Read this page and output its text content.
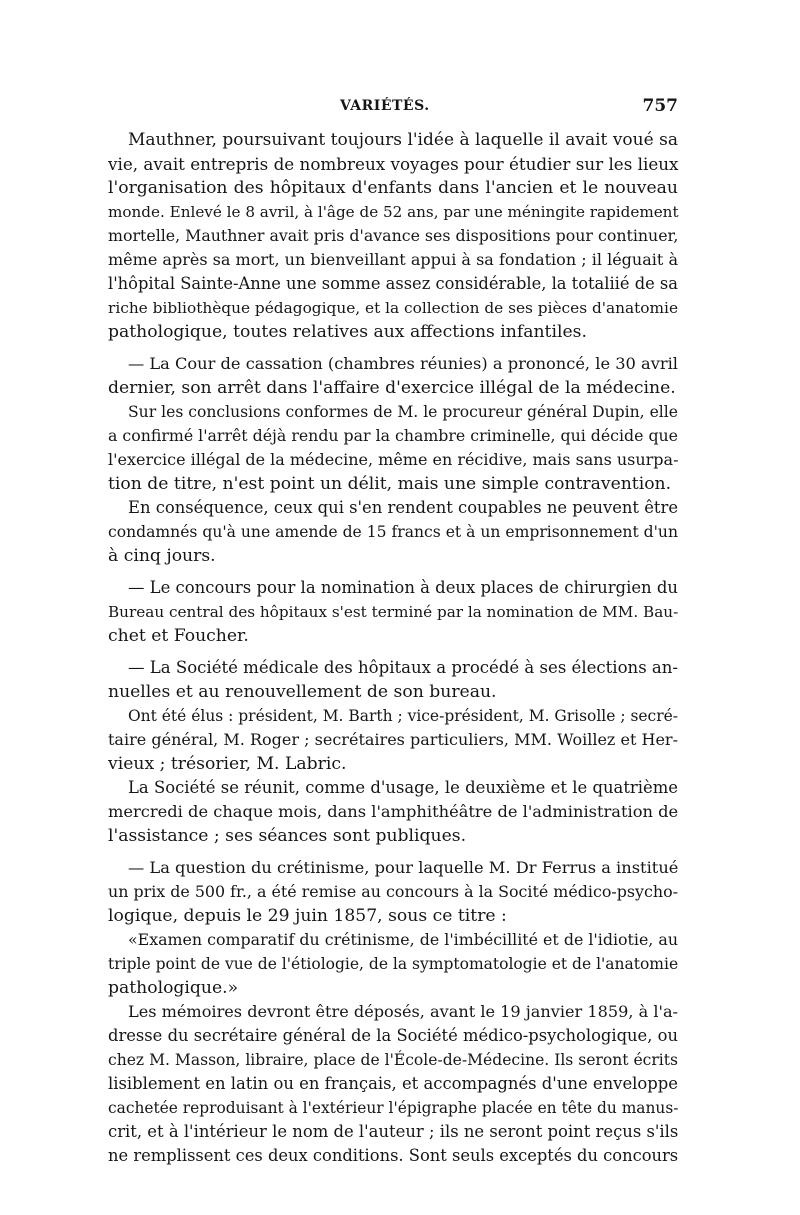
VARIÉTÉS.	757
Mauthner, poursuivant toujours l'idée à laquelle il avait voué sa
vie, avait entrepris de nombreux voyages pour étudier sur les lieux
l'organisation des hôpitaux d'enfants dans l'ancien et le nouveau
monde. Enlevé le 8 avril, à l'âge de 52 ans, par une méningite rapidement
mortelle, Mauthner avait pris d'avance ses dispositions pour continuer,
même après sa mort, un bienveillant appui à sa fondation ; il léguait à
l'hôpital Sainte-Anne une somme assez considérable, la totaliié de sa
riche bibliothèque pédagogique, et la collection de ses pièces d'anatomie
pathologique, toutes relatives aux affections infantiles.
— La Cour de cassation (chambres réunies) a prononcé, le 30 avril
dernier, son arrêt dans l'affaire d'exercice illégal de la médecine.
Sur les conclusions conformes de M. le procureur général Dupin, elle
a confirmé l'arrêt déjà rendu par la chambre criminelle, qui décide que
l'exercice illégal de la médecine, même en récidive, mais sans usurpa-
tion de titre, n'est point un délit, mais une simple contravention.
En conséquence, ceux qui s'en rendent coupables ne peuvent être
condamnés qu'à une amende de 15 francs et à un emprisonnement d'un
à cinq jours.
— Le concours pour la nomination à deux places de chirurgien du
Bureau central des hôpitaux s'est terminé par la nomination de MM. Bau-
chet et Foucher.
— La Société médicale des hôpitaux a procédé à ses élections an-
nuelles et au renouvellement de son bureau.
Ont été élus : président, M. Barth ; vice-président, M. Grisolle ; secré-
taire général, M. Roger ; secrétaires particuliers, MM. Woillez et Her-
vieux ; trésorier, M. Labric.
La Société se réunit, comme d'usage, le deuxième et le quatrième
mercredi de chaque mois, dans l'amphithéâtre de l'administration de
l'assistance ; ses séances sont publiques.
— La question du crétinisme, pour laquelle M. Dr Ferrus a institué
un prix de 500 fr., a été remise au concours à la Socité médico-psycho-
logique, depuis le 29 juin 1857, sous ce titre :
«Examen comparatif du crétinisme, de l'imbécillité et de l'idiotie, au
triple point de vue de l'étiologie, de la symptomatologie et de l'anatomie
pathologique.»
Les mémoires devront être déposés, avant le 19 janvier 1859, à l'a-
dresse du secrétaire général de la Société médico-psychologique, ou
chez M. Masson, libraire, place de l'École-de-Médecine. Ils seront écrits
lisiblement en latin ou en français, et accompagnés d'une enveloppe
cachetée reproduisant à l'extérieur l'épigraphe placée en tête du manus-
crit, et à l'intérieur le nom de l'auteur ; ils ne seront point reçus s'ils
ne remplissent ces deux conditions. Sont seuls exceptés du concours
